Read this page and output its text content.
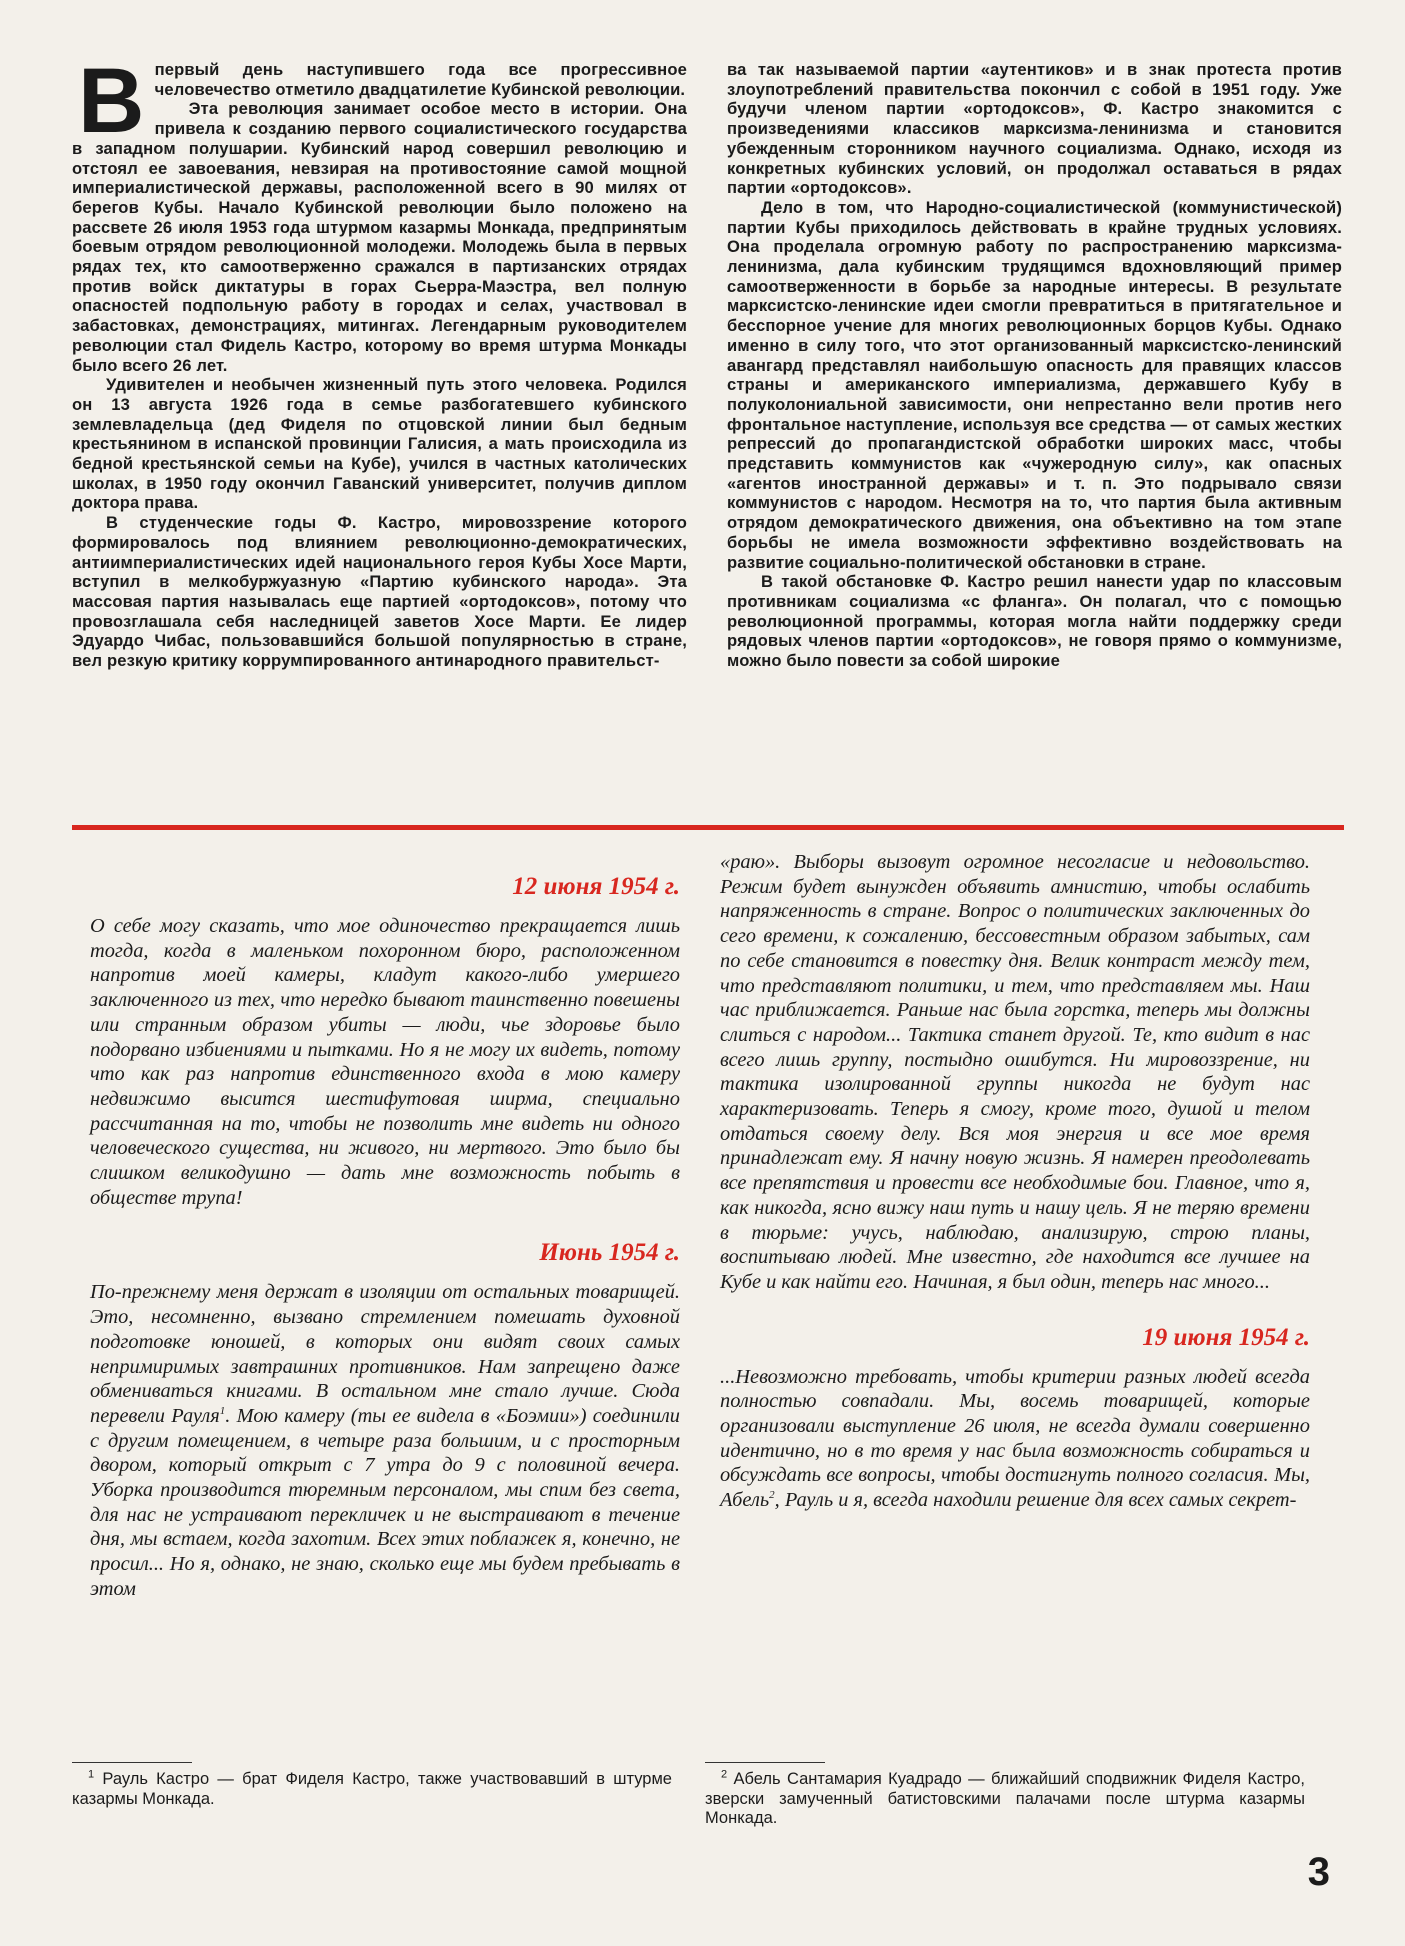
Впервый день наступившего года все прогрессивное человечество отметило двадцатилетие Кубинской революции.

Эта революция занимает особое место в истории. Она привела к созданию первого социалистического государства в западном полушарии. Кубинский народ совершил революцию и отстоял ее завоевания, невзирая на противостояние самой мощной империалистической державы, расположенной всего в 90 милях от берегов Кубы. Начало Кубинской революции было положено на рассвете 26 июля 1953 года штурмом казармы Монкада, предпринятым боевым отрядом революционной молодежи. Молодежь была в первых рядах тех, кто самоотверженно сражался в партизанских отрядах против войск диктатуры в горах Сьерра-Маэстра, вел полную опасностей подпольную работу в городах и селах, участвовал в забастовках, демонстрациях, митингах. Легендарным руководителем революции стал Фидель Кастро, которому во время штурма Монкады было всего 26 лет.

Удивителен и необычен жизненный путь этого человека. Родился он 13 августа 1926 года в семье разбогатевшего кубинского землевладельца (дед Фиделя по отцовской линии был бедным крестьянином в испанской провинции Галисия, а мать происходила из бедной крестьянской семьи на Кубе), учился в частных католических школах, в 1950 году окончил Гаванский университет, получив диплом доктора права.

В студенческие годы Ф. Кастро, мировоззрение которого формировалось под влиянием революционно-демократических, антиимпериалистических идей национального героя Кубы Хосе Марти, вступил в мелкобуржуазную «Партию кубинского народа». Эта массовая партия называлась еще партией «ортодоксов», потому что провозглашала себя наследницей заветов Хосе Марти. Ее лидер Эдуардо Чибас, пользовавшийся большой популярностью в стране, вел резкую критику коррумпированного антинародного правительст-

ва так называемой партии «аутентиков» и в знак протеста против злоупотреблений правительства покончил с собой в 1951 году. Уже будучи членом партии «ортодоксов», Ф. Кастро знакомится с произведениями классиков марксизма-ленинизма и становится убежденным сторонником научного социализма. Однако, исходя из конкретных кубинских условий, он продолжал оставаться в рядах партии «ортодоксов».

Дело в том, что Народно-социалистической (коммунистической) партии Кубы приходилось действовать в крайне трудных условиях. Она проделала огромную работу по распространению марксизма-ленинизма, дала кубинским трудящимся вдохновляющий пример самоотверженности в борьбе за народные интересы. В результате марксистско-ленинские идеи смогли превратиться в притягательное и бесспорное учение для многих революционных борцов Кубы. Однако именно в силу того, что этот организованный марксистско-ленинский авангард представлял наибольшую опасность для правящих классов страны и американского империализма, державшего Кубу в полуколониальной зависимости, они непрестанно вели против него фронтальное наступление, используя все средства — от самых жестких репрессий до пропагандистской обработки широких масс, чтобы представить коммунистов как «чужеродную силу», как опасных «агентов иностранной державы» и т. п. Это подрывало связи коммунистов с народом. Несмотря на то, что партия была активным отрядом демократического движения, она объективно на том этапе борьбы не имела возможности эффективно воздействовать на развитие социально-политической обстановки в стране.

В такой обстановке Ф. Кастро решил нанести удар по классовым противникам социализма «с фланга». Он полагал, что с помощью революционной программы, которая могла найти поддержку среди рядовых членов партии «ортодоксов», не говоря прямо о коммунизме, можно было повести за собой широкие

12 июня 1954 г.

О себе могу сказать, что мое одиночество прекращается лишь тогда, когда в маленьком похоронном бюро, расположенном напротив моей камеры, кладут какого-либо умершего заключенного из тех, что нередко бывают таинственно повешены или странным образом убиты — люди, чье здоровье было подорвано избиениями и пытками. Но я не могу их видеть, потому что как раз напротив единственного входа в мою камеру недвижимо высится шестифутовая ширма, специально рассчитанная на то, чтобы не позволить мне видеть ни одного человеческого существа, ни живого, ни мертвого. Это было бы слишком великодушно — дать мне возможность побыть в обществе трупа!

Июнь 1954 г.

По-прежнему меня держат в изоляции от остальных товарищей. Это, несомненно, вызвано стремлением помешать духовной подготовке юношей, в которых они видят своих самых непримиримых завтрашних противников. Нам запрещено даже обмениваться книгами. В остальном мне стало лучше. Сюда перевели Рауля$^1$. Мою камеру (ты ее видела в «Боэмии») соединили с другим помещением, в четыре раза большим, и с просторным двором, который открыт с 7 утра до 9 с половиной вечера. Уборка производится тюремным персоналом, мы спим без света, для нас не устраивают перекличек и не выстраивают в течение дня, мы встаем, когда захотим. Всех этих поблажек я, конечно, не просил... Но я, однако, не знаю, сколько еще мы будем пребывать в этом

«раю». Выборы вызовут огромное несогласие и недовольство. Режим будет вынужден объявить амнистию, чтобы ослабить напряженность в стране. Вопрос о политических заключенных до сего времени, к сожалению, бессовестным образом забытых, сам по себе становится в повестку дня. Велик контраст между тем, что представляют политики, и тем, что представляем мы. Наш час приближается. Раньше нас была горстка, теперь мы должны слиться с народом... Тактика станет другой. Те, кто видит в нас всего лишь группу, постыдно ошибутся. Ни мировоззрение, ни тактика изолированной группы никогда не будут нас характеризовать. Теперь я смогу, кроме того, душой и телом отдаться своему делу. Вся моя энергия и все мое время принадлежат ему. Я начну новую жизнь. Я намерен преодолевать все препятствия и провести все необходимые бои. Главное, что я, как никогда, ясно вижу наш путь и нашу цель. Я не теряю времени в тюрьме: учусь, наблюдаю, анализирую, строю планы, воспитываю людей. Мне известно, где находится все лучшее на Кубе и как найти его. Начиная, я был один, теперь нас много...

19 июня 1954 г.

...Невозможно требовать, чтобы критерии разных людей всегда полностью совпадали. Мы, восемь товарищей, которые организовали выступление 26 июля, не всегда думали совершенно идентично, но в то время у нас была возможность собираться и обсуждать все вопросы, чтобы достигнуть полного согласия. Мы, Абель$^2$, Рауль и я, всегда находили решение для всех самых секрет-

$^1$ Рауль Кастро — брат Фиделя Кастро, также участвовавший в штурме казармы Монкада.
$^2$ Абель Сантамария Куадрадо — ближайший сподвижник Фиделя Кастро, зверски замученный батистовскими палачами после штурма казармы Монкада.
3
